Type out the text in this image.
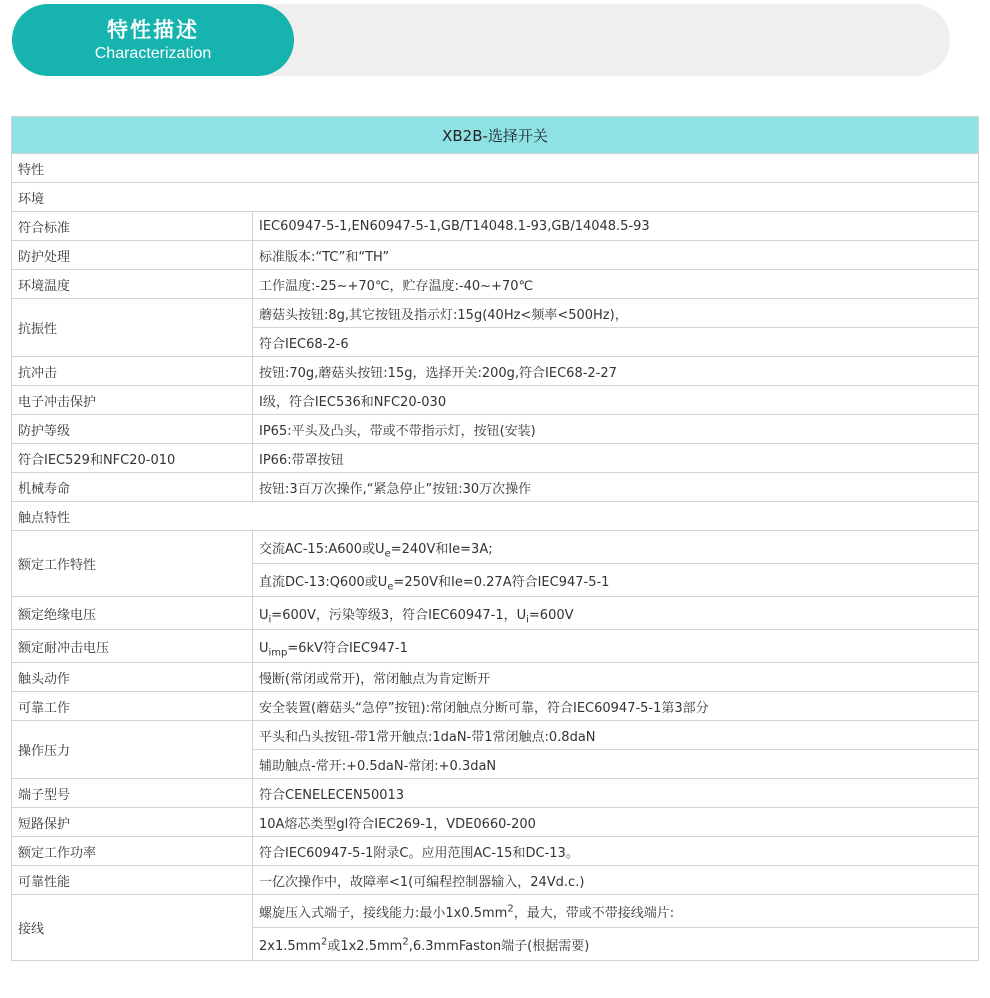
特性描述
Characterization
XB2B-选择开关	
特性	
环境	
符合标准	IEC60947-5-1,EN60947-5-1,GB/T14048.1-93,GB/14048.5-93
防护处理	标准版本:“TC”和“TH”
环境温度	工作温度:-25~+70℃，贮存温度:-40~+70℃
抗振性	蘑菇头按钮:8g,其它按钮及指示灯:15g(40Hz<频率<500Hz)，
	符合IEC68-2-6
抗冲击	按钮:70g,蘑菇头按钮:15g，选择开关:200g,符合IEC68-2-27
电子冲击保护	I级，符合IEC536和NFC20-030
防护等级	IP65:平头及凸头，带或不带指示灯，按钮(安装)
符合IEC529和NFC20-010	IP66:带罩按钮
机械寿命	按钮:3百万次操作,“紧急停止”按钮:30万次操作
触点特性	
额定工作特性	交流AC-15:A600或$U_e=240V$和Ie=3A;
	直流DC-13:Q600或$U_e=250V$和Ie=0.27A符合IEC947-5-1
额定绝缘电压	$U_i=600V$，污染等级3，符合IEC60947-1，$U_i=600V$
额定耐冲击电压	$U_{imp}=6kV$符合IEC947-1
触头动作	慢断(常闭或常开)，常闭触点为肯定断开
可靠工作	安全装置(蘑菇头“急停”按钮):常闭触点分断可靠，符合IEC60947-5-1第3部分
操作压力	平头和凸头按钮-带1常开触点:1daN-带1常闭触点:0.8daN
	辅助触点-常开:+0.5daN-常闭:+0.3daN
端子型号	符合CENELECEN50013
短路保护	10A熔芯类型gl符合IEC269-1，VDE0660-200
额定工作功率	符合IEC60947-5-1附录C。应用范围AC-15和DC-13。
可靠性能	一亿次操作中，故障率<1(可编程控制器输入，24Vd.c.)
接线	螺旋压入式端子，接线能力:最小$1x0.5mm^2$，最大，带或不带接线端片:
	$2x1.5mm^2$或$1x2.5mm^2,6.3mmFaston$端子(根据需要)
